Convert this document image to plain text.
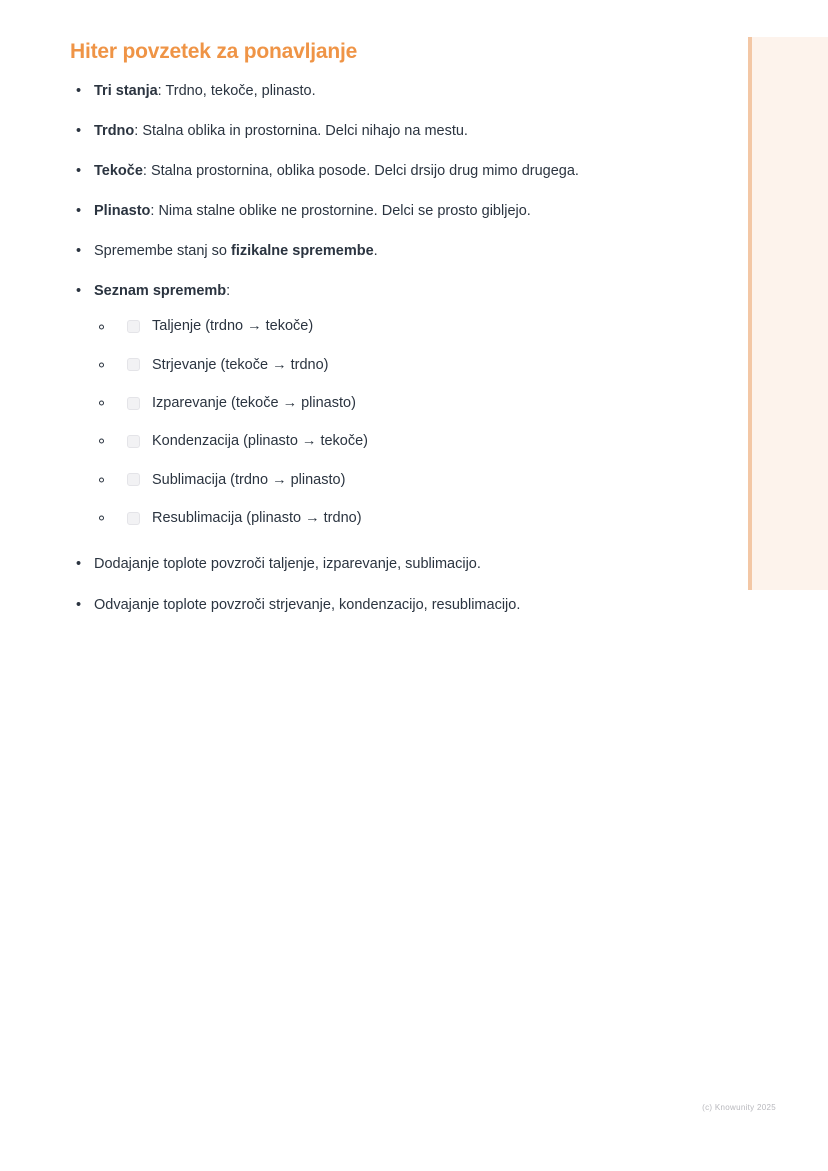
Hiter povzetek za ponavljanje
• Tri stanja: Trdno, tekoče, plinasto.
• Trdno: Stalna oblika in prostornina. Delci nihajo na mestu.
• Tekoče: Stalna prostornina, oblika posode. Delci drsijo drug mimo drugega.
• Plinasto: Nima stalne oblike ne prostornine. Delci se prosto gibljejo.
• Spremembe stanj so fizikalne spremembe.
• Seznam sprememb:
Taljenje (trdno → tekoče)
Strjevanje (tekoče → trdno)
Izparevanje (tekoče → plinasto)
Kondenzacija (plinasto → tekoče)
Sublimacija (trdno → plinasto)
Resublimacija (plinasto → trdno)
• Dodajanje toplote povzroči taljenje, izparevanje, sublimacijo.
• Odvajanje toplote povzroči strjevanje, kondenzacijo, resublimacijo.
(c) Knowunity 2025
